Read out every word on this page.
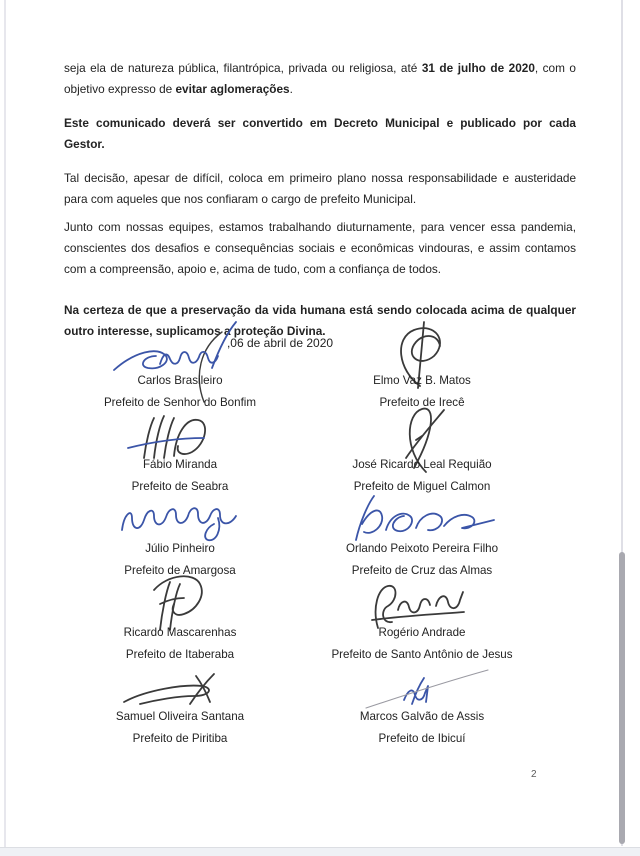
seja ela de natureza pública, filantrópica, privada ou religiosa, até 31 de julho de 2020, com o objetivo expresso de evitar aglomerações.

Este comunicado deverá ser convertido em Decreto Municipal e publicado por cada Gestor.

Tal decisão, apesar de difícil, coloca em primeiro plano nossa responsabilidade e austeridade para com aqueles que nos confiaram o cargo de prefeito Municipal.

Junto com nossas equipes, estamos trabalhando diuturnamente, para vencer essa pandemia, conscientes dos desafios e consequências sociais e econômicas vindouras, e assim contamos com a compreensão, apoio e, acima de tudo, com a confiança de todos.

Na certeza de que a preservação da vida humana está sendo colocada acima de qualquer outro interesse, suplicamos a proteção Divina.

,06 de abril de 2020
Carlos Brasileiro
Prefeito de Senhor do Bonfim
Fábio Miranda
Prefeito de Seabra
Júlio Pinheiro
Prefeito de Amargosa
Ricardo Mascarenhas
Prefeito de Itaberaba
Samuel Oliveira Santana
Prefeito de Piritiba
Elmo Vaz B. Matos
Prefeito de Irecê
José Ricardo Leal Requião
Prefeito de Miguel Calmon
Orlando Peixoto Pereira Filho
Prefeito de Cruz das Almas
Rogério Andrade
Prefeito de Santo Antônio de Jesus
Marcos Galvão de Assis
Prefeito de Ibicuí
2
